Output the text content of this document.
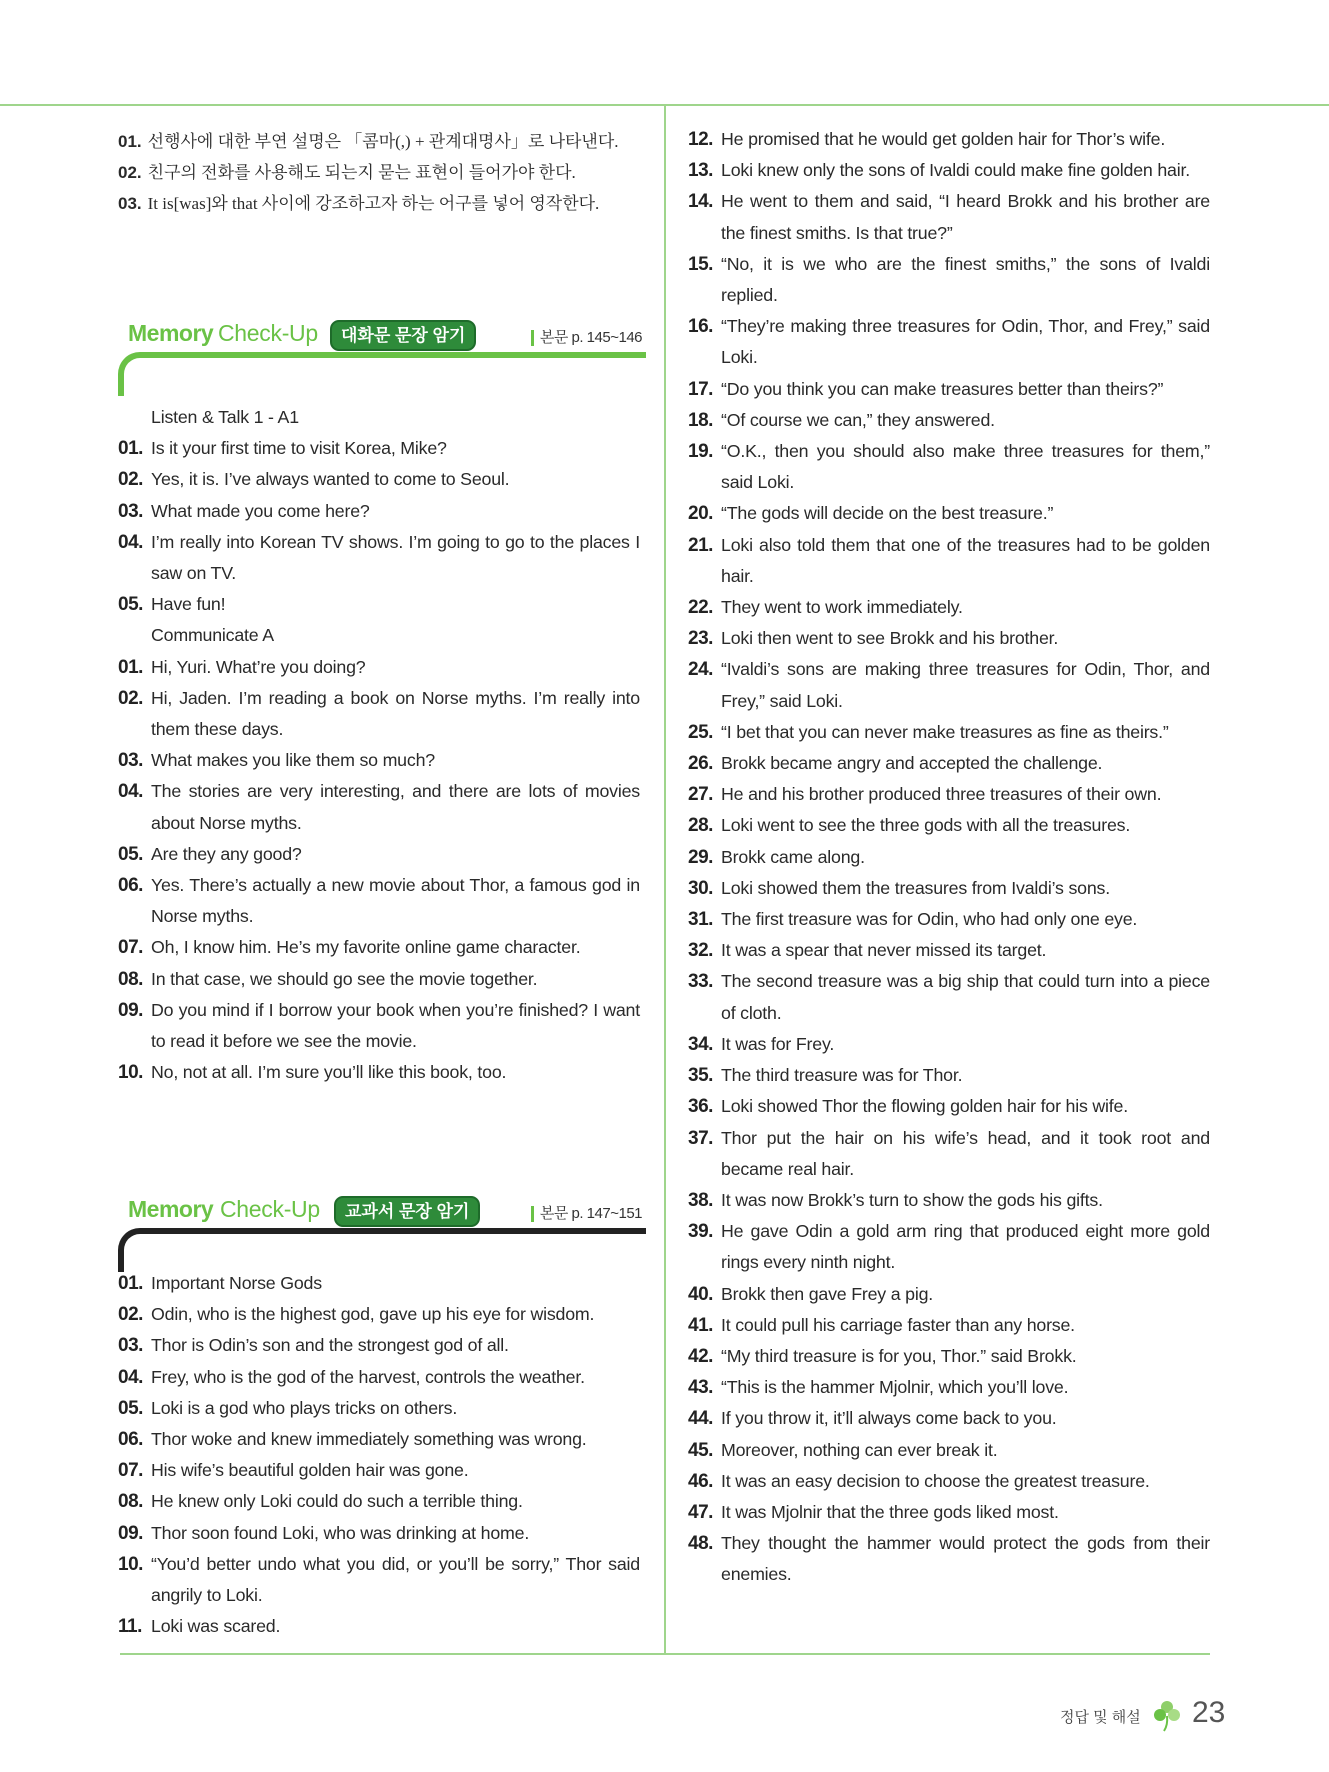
01. 선행사에 대한 부연 설명은 「콤마(,) + 관계대명사」로 나타낸다.
02. 친구의 전화를 사용해도 되는지 묻는 표현이 들어가야 한다.
03. It is[was]와 that 사이에 강조하고자 하는 어구를 넣어 영작한다.
Memory Check-Up	대화문 문장 암기	본문 p. 145~146
Listen & Talk 1 - A1
01. Is it your first time to visit Korea, Mike?
02. Yes, it is. I’ve always wanted to come to Seoul.
03. What made you come here?
04. I’m really into Korean TV shows. I’m going to go to the places I saw on TV.
05. Have fun!
Communicate A
01. Hi, Yuri. What’re you doing?
02. Hi, Jaden. I’m reading a book on Norse myths. I’m really into them these days.
03. What makes you like them so much?
04. The stories are very interesting, and there are lots of movies about Norse myths.
05. Are they any good?
06. Yes. There’s actually a new movie about Thor, a famous god in Norse myths.
07. Oh, I know him. He’s my favorite online game character.
08. In that case, we should go see the movie together.
09. Do you mind if I borrow your book when you’re finished? I want to read it before we see the movie.
10. No, not at all. I’m sure you’ll like this book, too.
Memory Check-Up	교과서 문장 암기	본문 p. 147~151
01. Important Norse Gods
02. Odin, who is the highest god, gave up his eye for wisdom.
03. Thor is Odin’s son and the strongest god of all.
04. Frey, who is the god of the harvest, controls the weather.
05. Loki is a god who plays tricks on others.
06. Thor woke and knew immediately something was wrong.
07. His wife’s beautiful golden hair was gone.
08. He knew only Loki could do such a terrible thing.
09. Thor soon found Loki, who was drinking at home.
10. “You’d better undo what you did, or you’ll be sorry,” Thor said angrily to Loki.
11. Loki was scared.
12. He promised that he would get golden hair for Thor’s wife.
13. Loki knew only the sons of Ivaldi could make fine golden hair.
14. He went to them and said, “I heard Brokk and his brother are the finest smiths. Is that true?”
15. “No, it is we who are the finest smiths,” the sons of Ivaldi replied.
16. “They’re making three treasures for Odin, Thor, and Frey,” said Loki.
17. “Do you think you can make treasures better than theirs?”
18. “Of course we can,” they answered.
19. “O.K., then you should also make three treasures for them,” said Loki.
20. “The gods will decide on the best treasure.”
21. Loki also told them that one of the treasures had to be golden hair.
22. They went to work immediately.
23. Loki then went to see Brokk and his brother.
24. “Ivaldi’s sons are making three treasures for Odin, Thor, and Frey,” said Loki.
25. “I bet that you can never make treasures as fine as theirs.”
26. Brokk became angry and accepted the challenge.
27. He and his brother produced three treasures of their own.
28. Loki went to see the three gods with all the treasures.
29. Brokk came along.
30. Loki showed them the treasures from Ivaldi’s sons.
31. The first treasure was for Odin, who had only one eye.
32. It was a spear that never missed its target.
33. The second treasure was a big ship that could turn into a piece of cloth.
34. It was for Frey.
35. The third treasure was for Thor.
36. Loki showed Thor the flowing golden hair for his wife.
37. Thor put the hair on his wife’s head, and it took root and became real hair.
38. It was now Brokk’s turn to show the gods his gifts.
39. He gave Odin a gold arm ring that produced eight more gold rings every ninth night.
40. Brokk then gave Frey a pig.
41. It could pull his carriage faster than any horse.
42. “My third treasure is for you, Thor.” said Brokk.
43. “This is the hammer Mjolnir, which you’ll love.
44. If you throw it, it’ll always come back to you.
45. Moreover, nothing can ever break it.
46. It was an easy decision to choose the greatest treasure.
47. It was Mjolnir that the three gods liked most.
48. They thought the hammer would protect the gods from their enemies.
정답 및 해설 23
